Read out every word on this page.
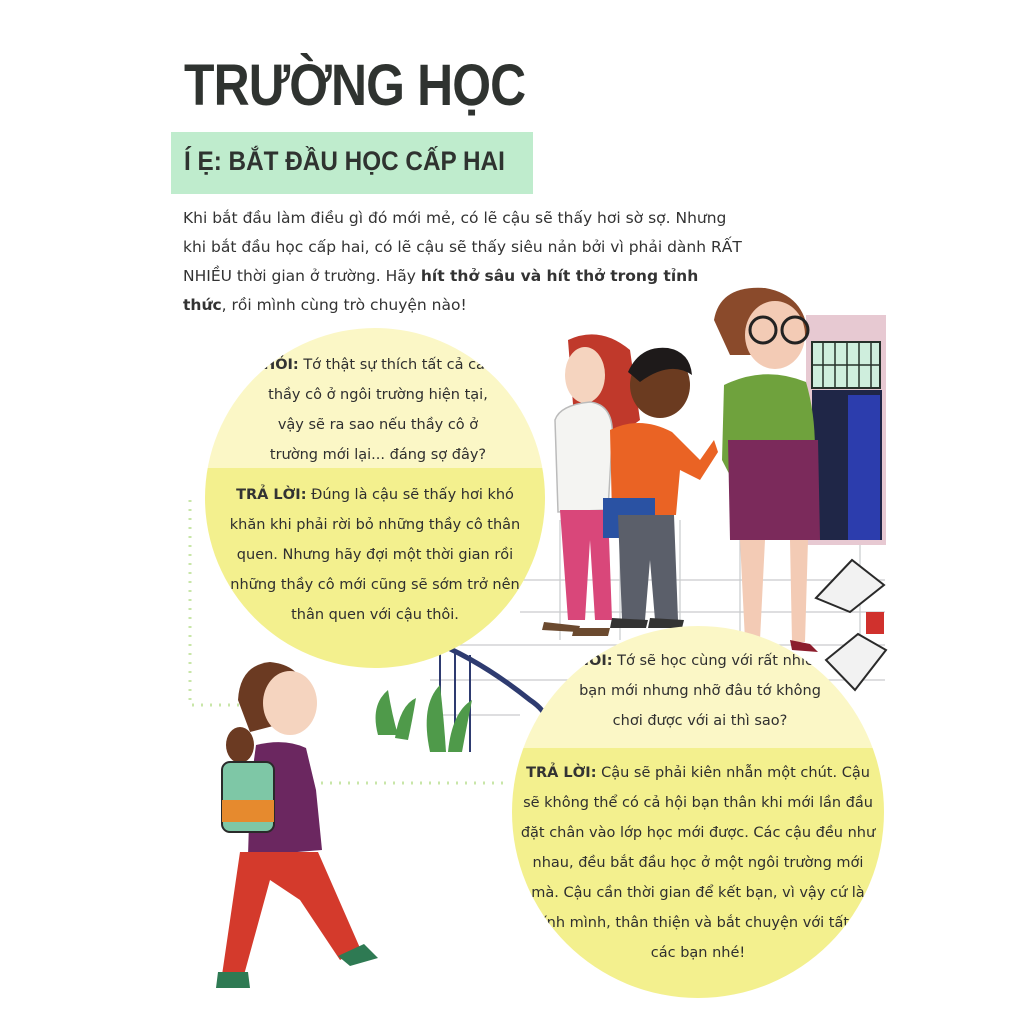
TRƯỜNG HỌC
Í Ẹ: BẮT ĐẦU HỌC CẤP HAI

Khi bắt đầu làm điều gì đó mới mẻ, có lẽ cậu sẽ thấy hơi sờ sợ. Nhưng khi bắt đầu học cấp hai, có lẽ cậu sẽ thấy siêu nản bởi vì phải dành RẤT NHIỀU thời gian ở trường. Hãy hít thở sâu và hít thở trong tỉnh thức, rồi mình cùng trò chuyện nào!

HỎI: Tớ thật sự thích tất cả các thầy cô ở ngôi trường hiện tại, vậy sẽ ra sao nếu thầy cô ở trường mới lại... đáng sợ đây?

TRẢ LỜI: Đúng là cậu sẽ thấy hơi khó khăn khi phải rời bỏ những thầy cô thân quen. Nhưng hãy đợi một thời gian rồi những thầy cô mới cũng sẽ sớm trở nên thân quen với cậu thôi.

HỎI: Tớ sẽ học cùng với rất nhiều bạn mới nhưng nhỡ đâu tớ không chơi được với ai thì sao?

TRẢ LỜI: Cậu sẽ phải kiên nhẫn một chút. Cậu sẽ không thể có cả hội bạn thân khi mới lần đầu đặt chân vào lớp học mới được. Các cậu đều như nhau, đều bắt đầu học ở một ngôi trường mới mà. Cậu cần thời gian để kết bạn, vì vậy cứ là chính mình, thân thiện và bắt chuyện với tất cả các bạn nhé!
